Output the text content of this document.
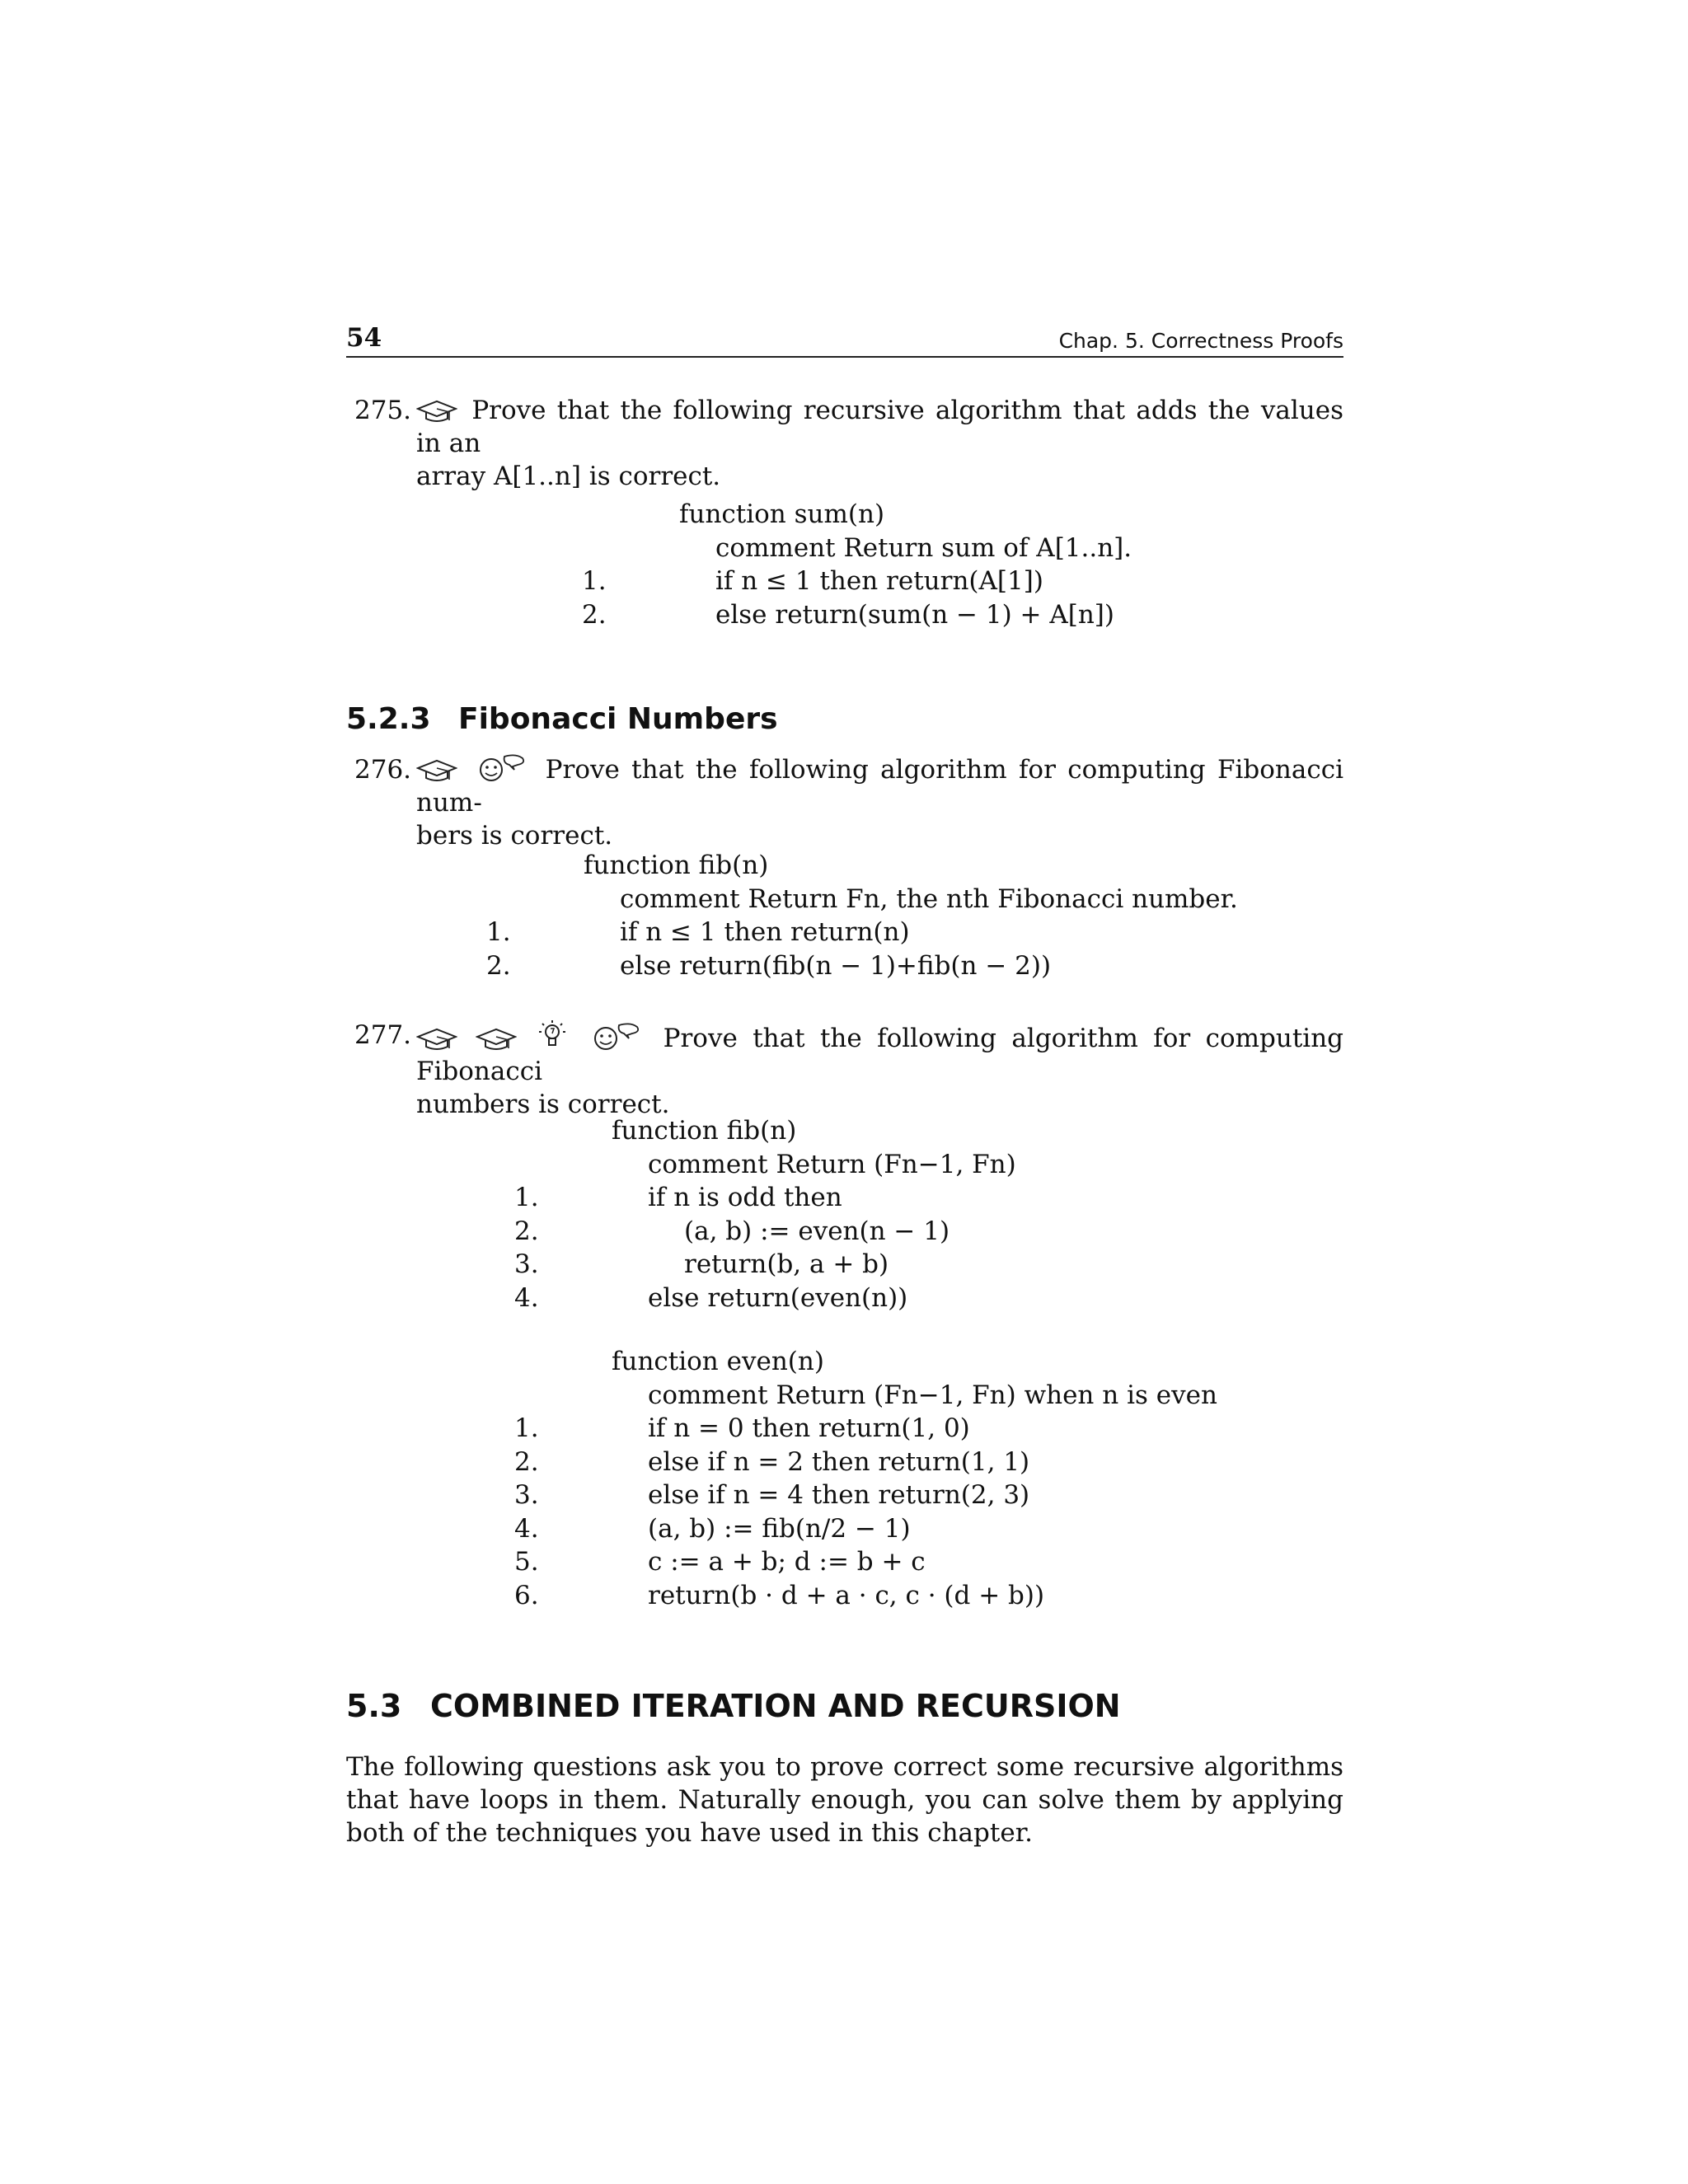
54	Chap. 5. Correctness Proofs
275.	Prove that the following recursive algorithm that adds the values in an
array A[1..n] is correct.
function sum(n)
comment Return sum of A[1..n].
1.	if n ≤ 1 then return(A[1])
2.	else return(sum(n − 1) + A[n])
5.2.3 Fibonacci Numbers
276.	Prove that the following algorithm for computing Fibonacci num-
bers is correct.
function fib(n)
comment Return Fn, the nth Fibonacci number.
1.	if n ≤ 1 then return(n)
2.	else return(fib(n − 1)+fib(n − 2))
277.	Prove that the following algorithm for computing Fibonacci
numbers is correct.
function fib(n)
comment Return (Fn−1, Fn)
1.	if n is odd then
2.	(a, b) := even(n − 1)
3.	return(b, a + b)
4.	else return(even(n))
function even(n)
comment Return (Fn−1, Fn) when n is even
1.	if n = 0 then return(1, 0)
2.	else if n = 2 then return(1, 1)
3.	else if n = 4 then return(2, 3)
4.	(a, b) := fib(n/2 − 1)
5.	c := a + b; d := b + c
6.	return(b · d + a · c, c · (d + b))
5.3 COMBINED ITERATION AND RECURSION
The following questions ask you to prove correct some recursive algorithms that have loops in them. Naturally enough, you can solve them by applying both of the techniques you have used in this chapter.
